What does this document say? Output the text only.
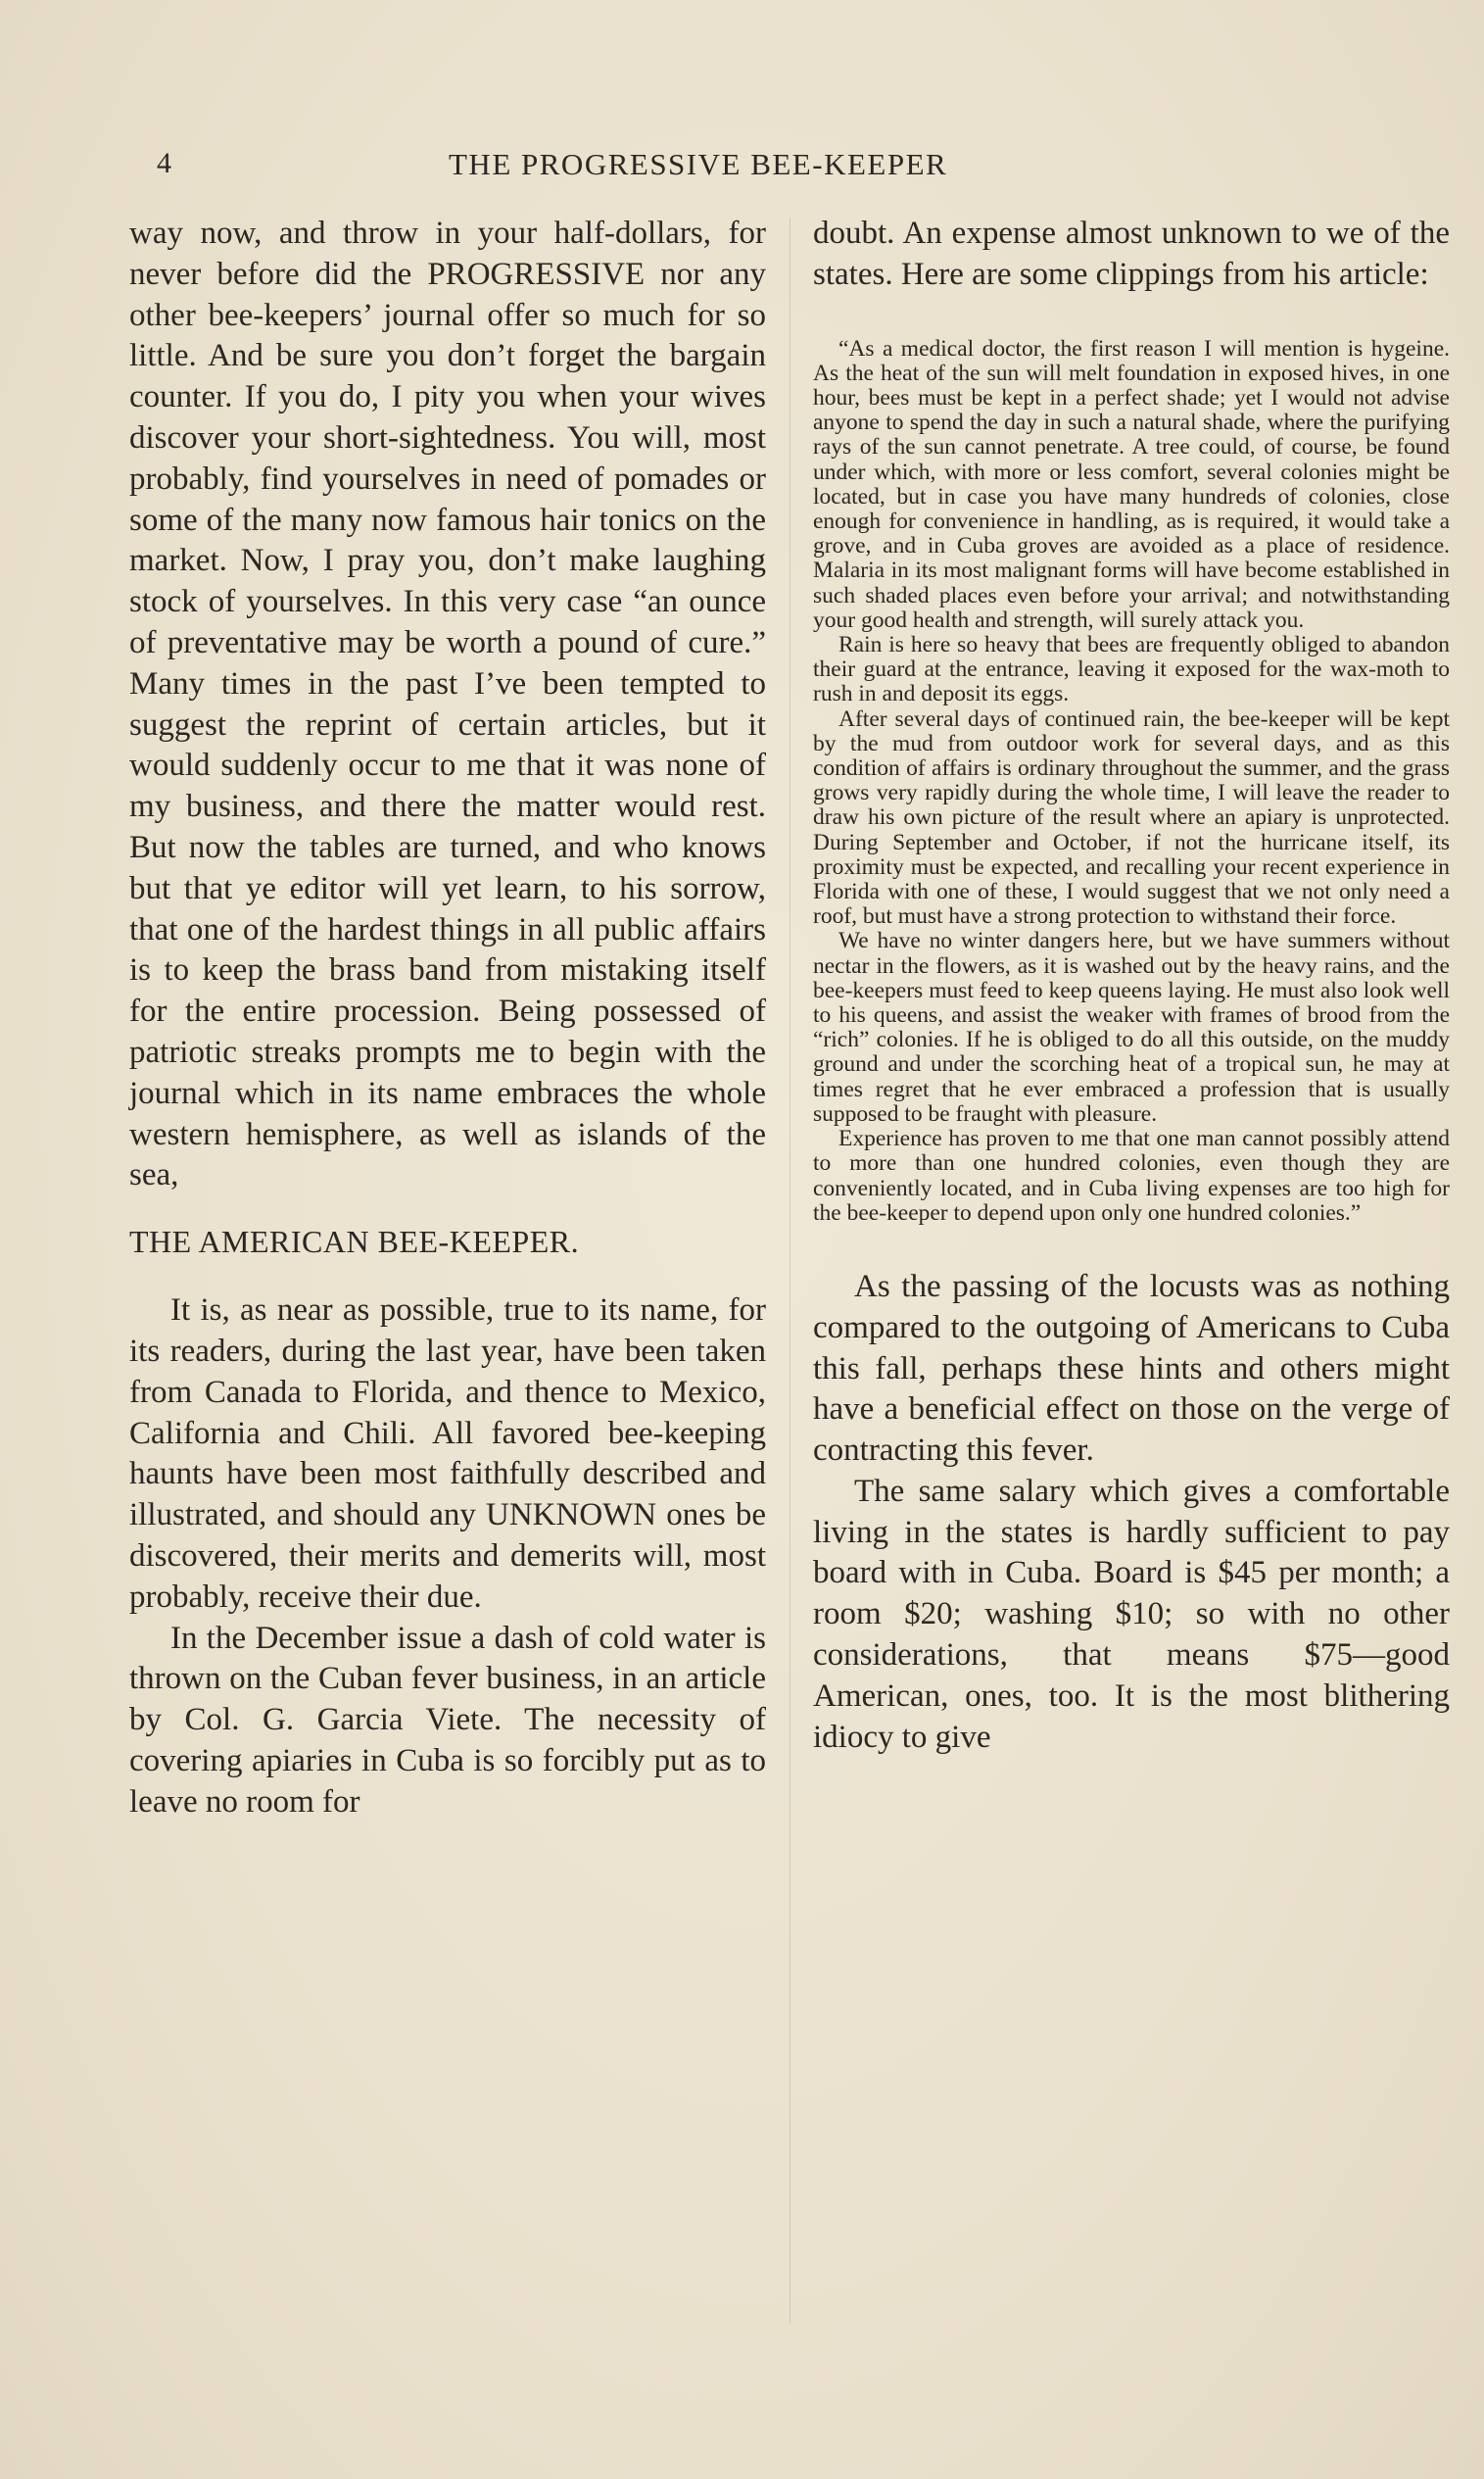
4	THE PROGRESSIVE BEE-KEEPER

way now, and throw in your half-dollars, for never before did the PROGRESSIVE nor any other bee-keepers’ journal offer so much for so little. And be sure you don’t forget the bargain counter. If you do, I pity you when your wives discover your short-sightedness. You will, most probably, find yourselves in need of pomades or some of the many now famous hair tonics on the market. Now, I pray you, don’t make laughing stock of yourselves. In this very case “an ounce of preventative may be worth a pound of cure.” Many times in the past I’ve been tempted to suggest the reprint of certain articles, but it would suddenly occur to me that it was none of my business, and there the matter would rest. But now the tables are turned, and who knows but that ye editor will yet learn, to his sorrow, that one of the hardest things in all public affairs is to keep the brass band from mistaking itself for the entire procession. Being possessed of patriotic streaks prompts me to begin with the journal which in its name embraces the whole western hemisphere, as well as islands of the sea,

THE AMERICAN BEE-KEEPER.

It is, as near as possible, true to its name, for its readers, during the last year, have been taken from Canada to Florida, and thence to Mexico, California and Chili. All favored bee-keeping haunts have been most faithfully described and illustrated, and should any UNKNOWN ones be discovered, their merits and demerits will, most probably, receive their due.

In the December issue a dash of cold water is thrown on the Cuban fever business, in an article by Col. G. Garcia Viete. The necessity of covering apiaries in Cuba is so forcibly put as to leave no room for

doubt. An expense almost unknown to we of the states. Here are some clippings from his article:

“As a medical doctor, the first reason I will mention is hygeine. As the heat of the sun will melt foundation in exposed hives, in one hour, bees must be kept in a perfect shade; yet I would not advise anyone to spend the day in such a natural shade, where the purifying rays of the sun cannot penetrate. A tree could, of course, be found under which, with more or less comfort, several colonies might be located, but in case you have many hundreds of colonies, close enough for convenience in handling, as is required, it would take a grove, and in Cuba groves are avoided as a place of residence. Malaria in its most malignant forms will have become established in such shaded places even before your arrival; and notwithstanding your good health and strength, will surely attack you.

Rain is here so heavy that bees are frequently obliged to abandon their guard at the entrance, leaving it exposed for the wax-moth to rush in and deposit its eggs.

After several days of continued rain, the bee-keeper will be kept by the mud from outdoor work for several days, and as this condition of affairs is ordinary throughout the summer, and the grass grows very rapidly during the whole time, I will leave the reader to draw his own picture of the result where an apiary is unprotected. During September and October, if not the hurricane itself, its proximity must be expected, and recalling your recent experience in Florida with one of these, I would suggest that we not only need a roof, but must have a strong protection to withstand their force.

We have no winter dangers here, but we have summers without nectar in the flowers, as it is washed out by the heavy rains, and the bee-keepers must feed to keep queens laying. He must also look well to his queens, and assist the weaker with frames of brood from the “rich” colonies. If he is obliged to do all this outside, on the muddy ground and under the scorching heat of a tropical sun, he may at times regret that he ever embraced a profession that is usually supposed to be fraught with pleasure.

Experience has proven to me that one man cannot possibly attend to more than one hundred colonies, even though they are conveniently located, and in Cuba living expenses are too high for the bee-keeper to depend upon only one hundred colonies.”

As the passing of the locusts was as nothing compared to the outgoing of Americans to Cuba this fall, perhaps these hints and others might have a beneficial effect on those on the verge of contracting this fever.

The same salary which gives a comfortable living in the states is hardly sufficient to pay board with in Cuba. Board is $45 per month; a room $20; washing $10; so with no other considerations, that means $75—good American, ones, too. It is the most blithering idiocy to give
